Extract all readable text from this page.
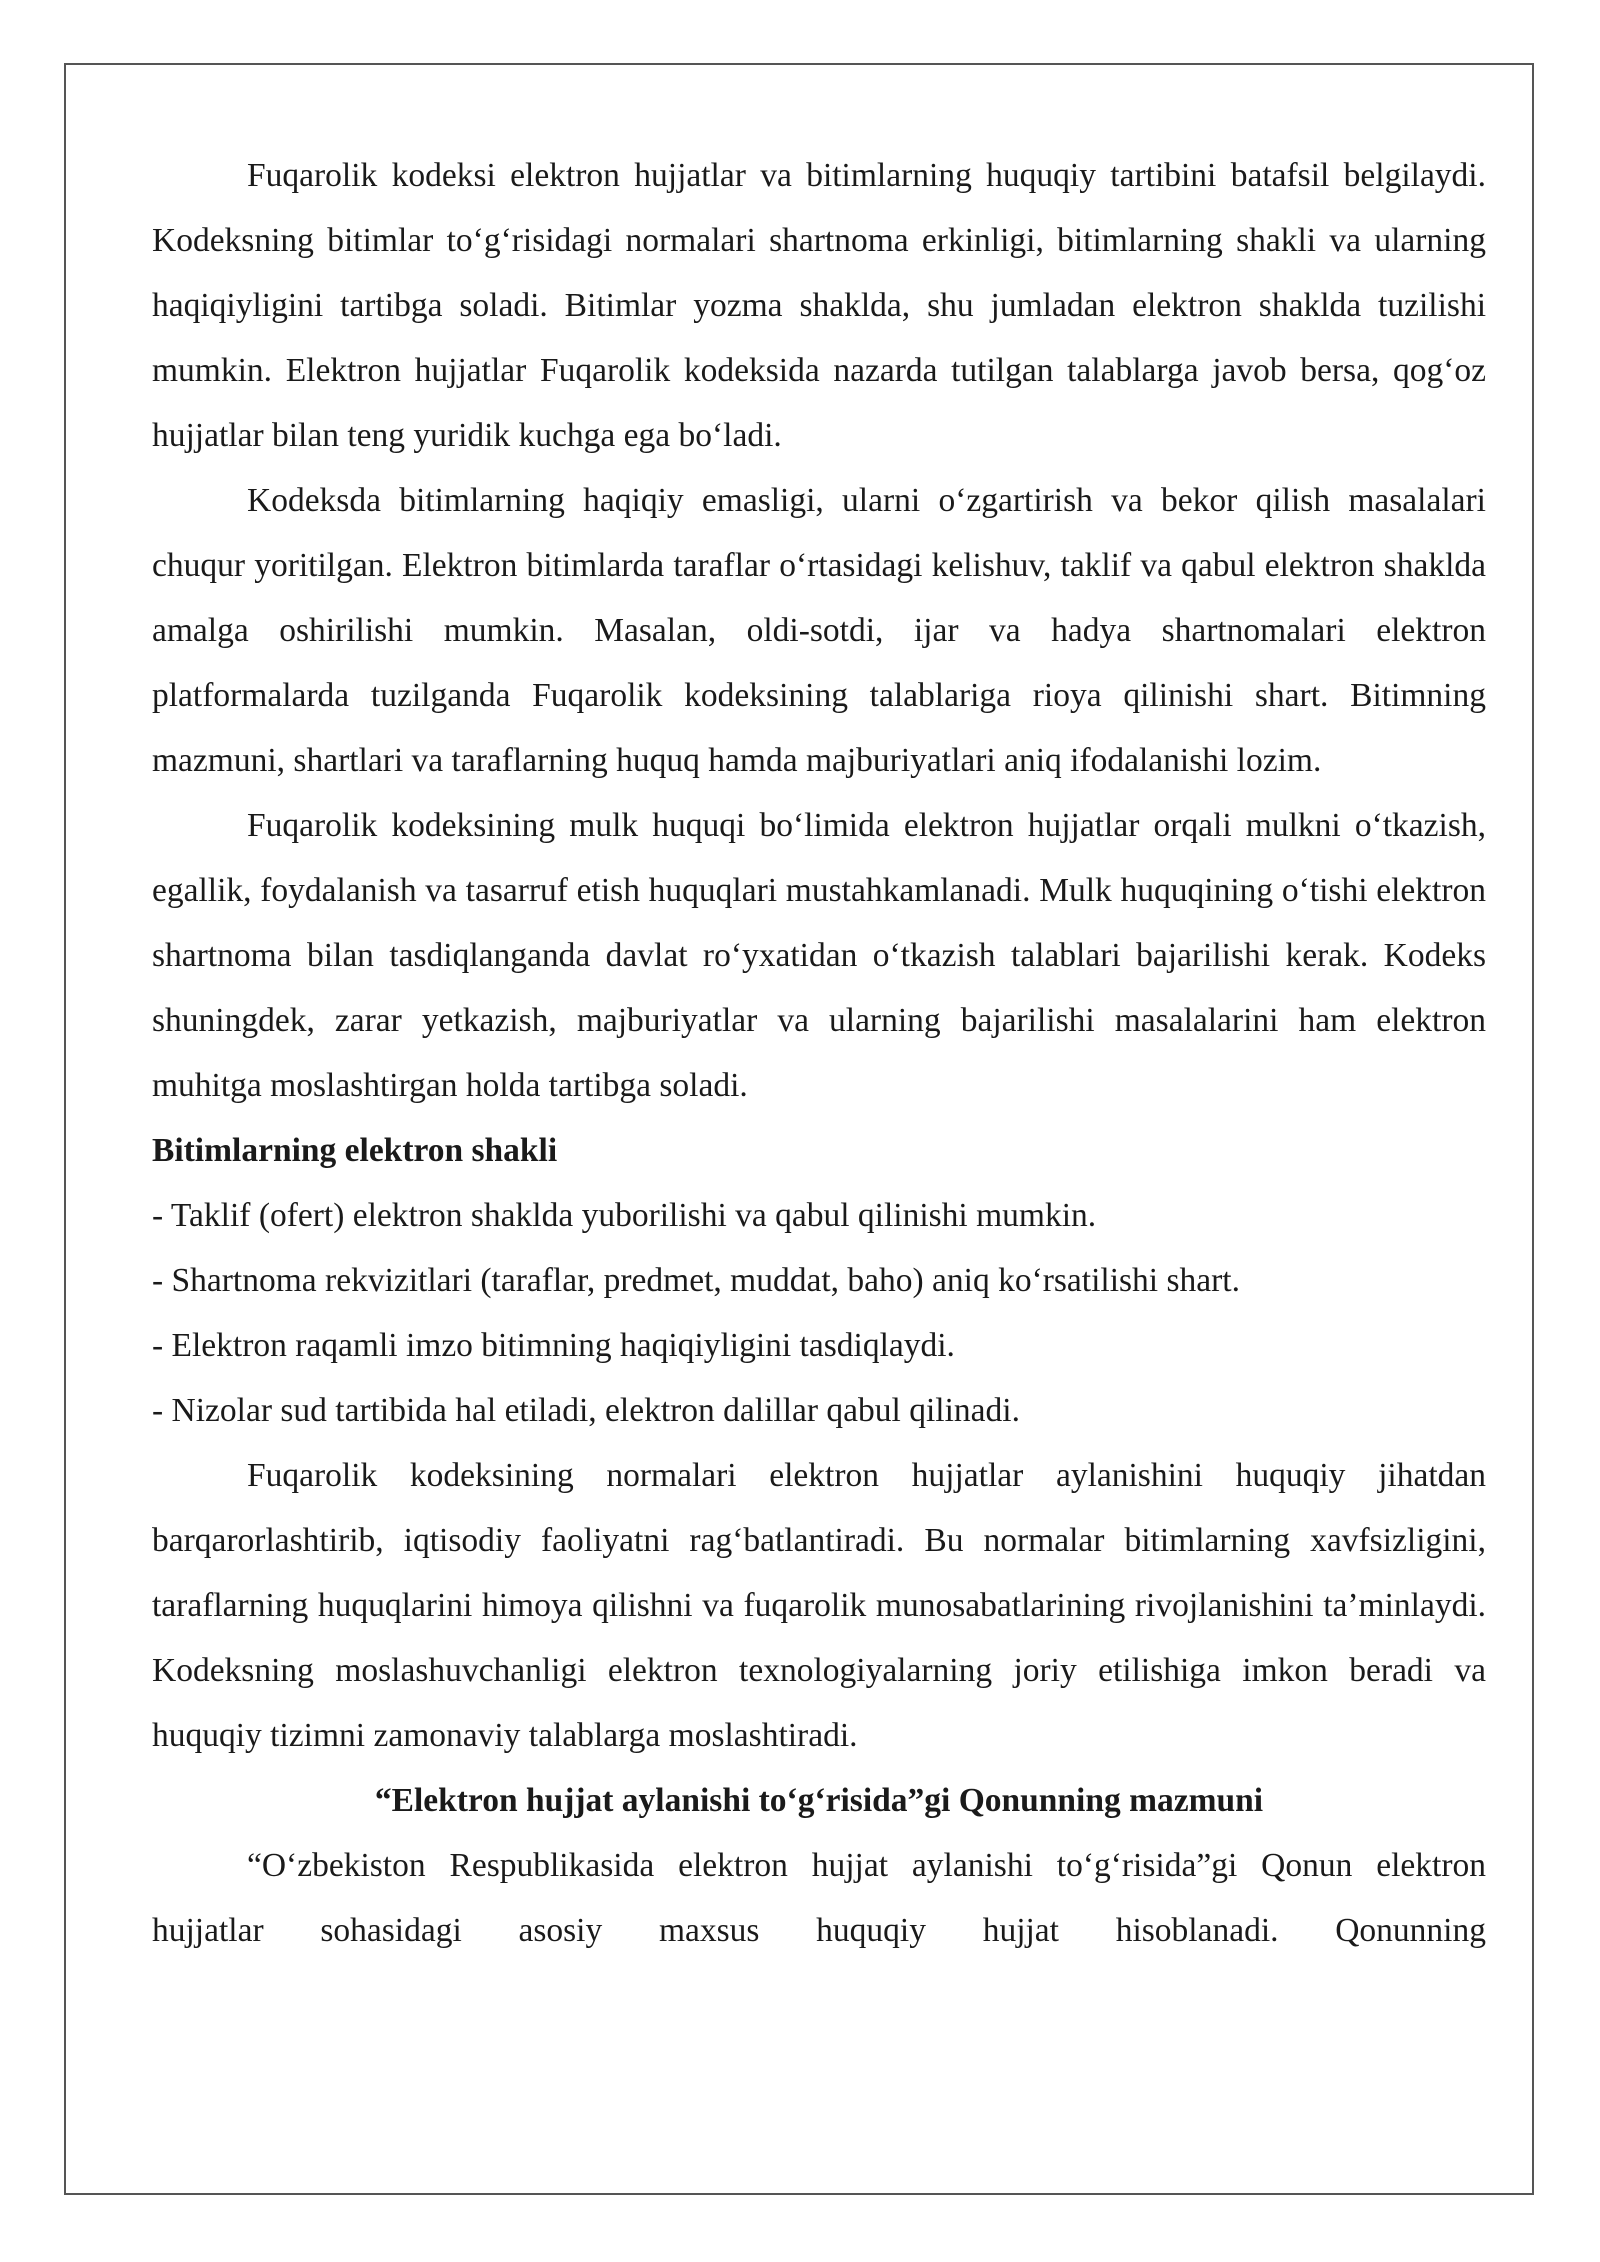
Fuqarolik kodeksi elektron hujjatlar va bitimlarning huquqiy tartibini batafsil belgilaydi. Kodeksning bitimlar to‘g‘risidagi normalari shartnoma erkinligi, bitimlarning shakli va ularning haqiqiyligini tartibga soladi. Bitimlar yozma shaklda, shu jumladan elektron shaklda tuzilishi mumkin. Elektron hujjatlar Fuqarolik kodeksida nazarda tutilgan talablarga javob bersa, qog‘oz hujjatlar bilan teng yuridik kuchga ega bo‘ladi.

Kodeksda bitimlarning haqiqiy emasligi, ularni o‘zgartirish va bekor qilish masalalari chuqur yoritilgan. Elektron bitimlarda taraflar o‘rtasidagi kelishuv, taklif va qabul elektron shaklda amalga oshirilishi mumkin. Masalan, oldi-sotdi, ijar va hadya shartnomalari elektron platformalarda tuzilganda Fuqarolik kodeksining talablariga rioya qilinishi shart. Bitimning mazmuni, shartlari va taraflarning huquq hamda majburiyatlari aniq ifodalanishi lozim.

Fuqarolik kodeksining mulk huquqi bo‘limida elektron hujjatlar orqali mulkni o‘tkazish, egallik, foydalanish va tasarruf etish huquqlari mustahkamlanadi. Mulk huquqining o‘tishi elektron shartnoma bilan tasdiqlanganda davlat ro‘yxatidan o‘tkazish talablari bajarilishi kerak. Kodeks shuningdek, zarar yetkazish, majburiyatlar va ularning bajarilishi masalalarini ham elektron muhitga moslashtirgan holda tartibga soladi.

Bitimlarning elektron shakli

- Taklif (ofert) elektron shaklda yuborilishi va qabul qilinishi mumkin.

- Shartnoma rekvizitlari (taraflar, predmet, muddat, baho) aniq ko‘rsatilishi shart.

- Elektron raqamli imzo bitimning haqiqiyligini tasdiqlaydi.

- Nizolar sud tartibida hal etiladi, elektron dalillar qabul qilinadi.

Fuqarolik kodeksining normalari elektron hujjatlar aylanishini huquqiy jihatdan barqarorlashtirib, iqtisodiy faoliyatni rag‘batlantiradi. Bu normalar bitimlarning xavfsizligini, taraflarning huquqlarini himoya qilishni va fuqarolik munosabatlarining rivojlanishini ta’minlaydi. Kodeksning moslashuvchanligi elektron texnologiyalarning joriy etilishiga imkon beradi va huquqiy tizimni zamonaviy talablarga moslashtiradi.

“Elektron hujjat aylanishi to‘g‘risida”gi Qonunning mazmuni

“O‘zbekiston Respublikasida elektron hujjat aylanishi to‘g‘risida”gi Qonun elektron hujjatlar sohasidagi asosiy maxsus huquqiy hujjat hisoblanadi. Qonunning
